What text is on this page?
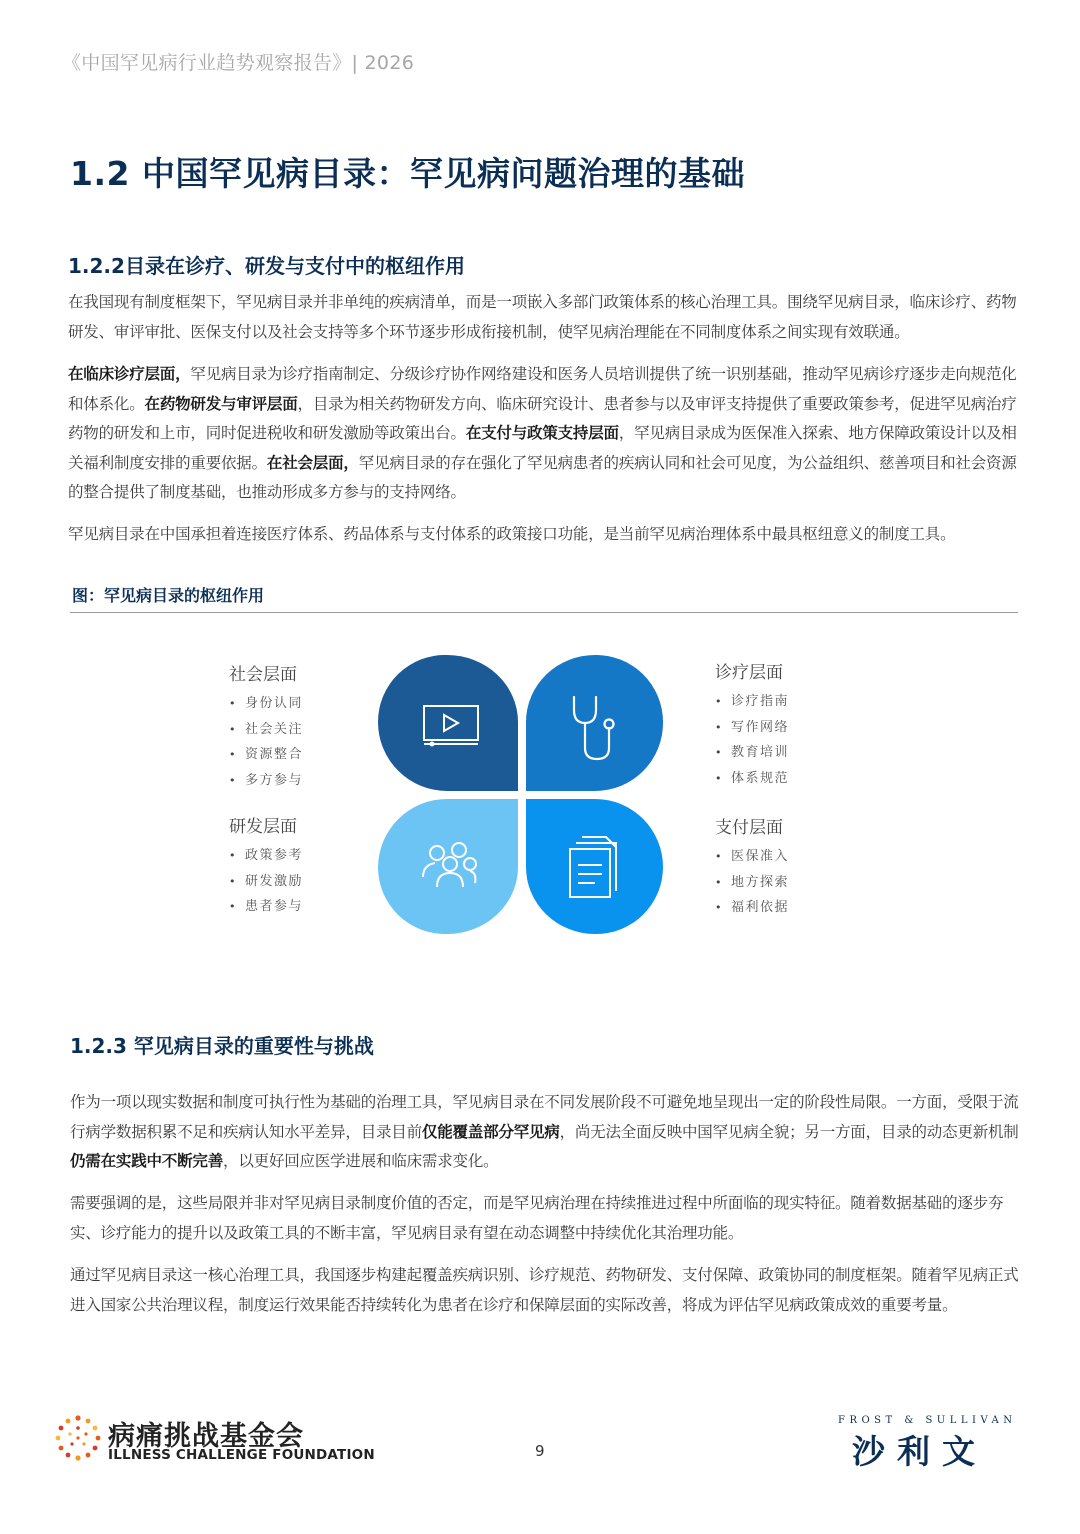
《中国罕见病行业趋势观察报告》| 2026
1.2 中国罕见病目录：罕见病问题治理的基础
1.2.2目录在诊疗、研发与支付中的枢纽作用

在我国现有制度框架下，罕见病目录并非单纯的疾病清单，而是一项嵌入多部门政策体系的核心治理工具。围绕罕见病目录，临床诊疗、药物研发、审评审批、医保支付以及社会支持等多个环节逐步形成衔接机制，使罕见病治理能在不同制度体系之间实现有效联通。

在临床诊疗层面，罕见病目录为诊疗指南制定、分级诊疗协作网络建设和医务人员培训提供了统一识别基础，推动罕见病诊疗逐步走向规范化和体系化。在药物研发与审评层面，目录为相关药物研发方向、临床研究设计、患者参与以及审评支持提供了重要政策参考，促进罕见病治疗药物的研发和上市，同时促进税收和研发激励等政策出台。在支付与政策支持层面，罕见病目录成为医保准入探索、地方保障政策设计以及相关福利制度安排的重要依据。在社会层面，罕见病目录的存在强化了罕见病患者的疾病认同和社会可见度，为公益组织、慈善项目和社会资源的整合提供了制度基础，也推动形成多方参与的支持网络。

罕见病目录在中国承担着连接医疗体系、药品体系与支付体系的政策接口功能，是当前罕见病治理体系中最具枢纽意义的制度工具。

图：罕见病目录的枢纽作用
社会层面
• 身份认同
• 社会关注
• 资源整合
• 多方参与
诊疗层面
• 诊疗指南
• 写作网络
• 教育培训
• 体系规范
研发层面
• 政策参考
• 研发激励
• 患者参与
支付层面
• 医保准入
• 地方探索
• 福利依据
1.2.3 罕见病目录的重要性与挑战

作为一项以现实数据和制度可执行性为基础的治理工具，罕见病目录在不同发展阶段不可避免地呈现出一定的阶段性局限。一方面，受限于流行病学数据积累不足和疾病认知水平差异，目录目前仅能覆盖部分罕见病，尚无法全面反映中国罕见病全貌；另一方面，目录的动态更新机制仍需在实践中不断完善，以更好回应医学进展和临床需求变化。

需要强调的是，这些局限并非对罕见病目录制度价值的否定，而是罕见病治理在持续推进过程中所面临的现实特征。随着数据基础的逐步夯实、诊疗能力的提升以及政策工具的不断丰富，罕见病目录有望在动态调整中持续优化其治理功能。

通过罕见病目录这一核心治理工具，我国逐步构建起覆盖疾病识别、诊疗规范、药物研发、支付保障、政策协同的制度框架。随着罕见病正式进入国家公共治理议程，制度运行效果能否持续转化为患者在诊疗和保障层面的实际改善，将成为评估罕见病政策成效的重要考量。

病痛挑战基金会
ILLNESS CHALLENGE FOUNDATION	9
FROST & SULLIVAN
沙利文
